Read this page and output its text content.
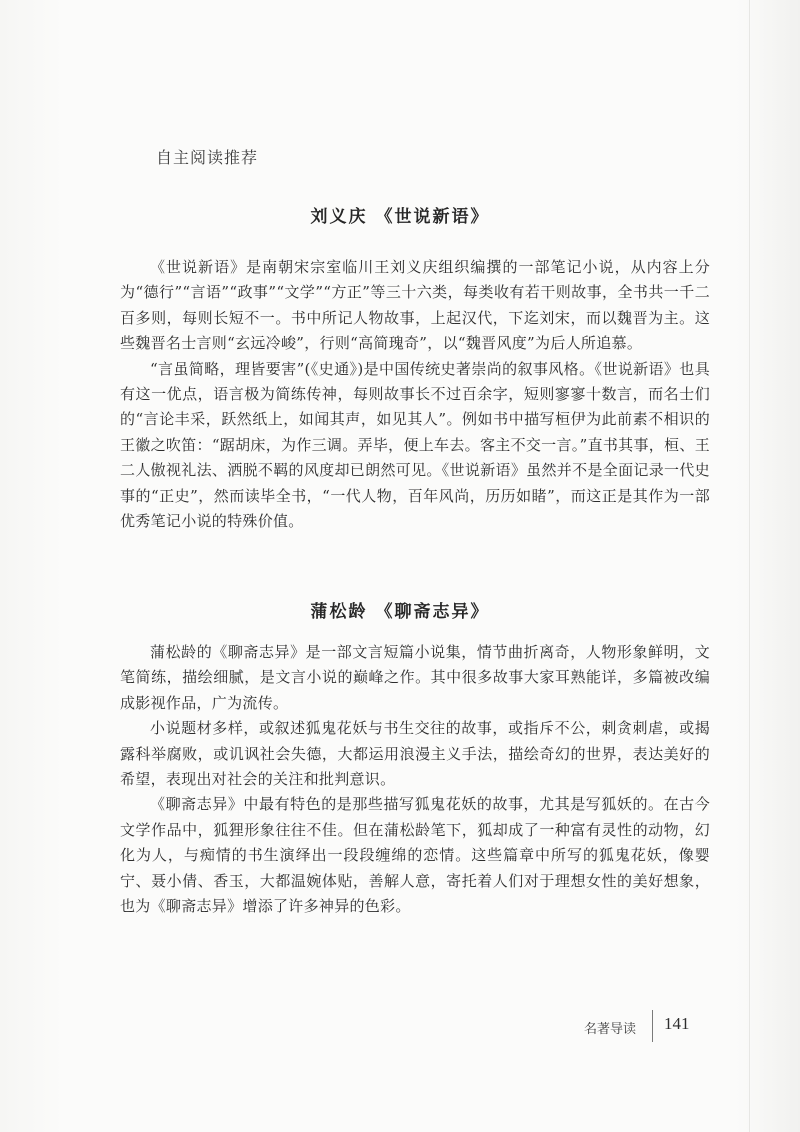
自主阅读推荐
刘义庆 《世说新语》

《世说新语》是南朝宋宗室临川王刘义庆组织编撰的一部笔记小说，从内容上分为“德行”“言语”“政事”“文学”“方正”等三十六类，每类收有若干则故事，全书共一千二百多则，每则长短不一。书中所记人物故事，上起汉代，下迄刘宋，而以魏晋为主。这些魏晋名士言则“玄远冷峻”，行则“高简瑰奇”，以“魏晋风度”为后人所追慕。

“言虽简略，理皆要害”(《史通》)是中国传统史著崇尚的叙事风格。《世说新语》也具有这一优点，语言极为简练传神，每则故事长不过百余字，短则寥寥十数言，而名士们的“言论丰采，跃然纸上，如闻其声，如见其人”。例如书中描写桓伊为此前素不相识的王徽之吹笛：“踞胡床，为作三调。弄毕，便上车去。客主不交一言。”直书其事，桓、王二人傲视礼法、洒脱不羁的风度却已朗然可见。《世说新语》虽然并不是全面记录一代史事的“正史”，然而读毕全书，“一代人物，百年风尚，历历如睹”，而这正是其作为一部优秀笔记小说的特殊价值。

蒲松龄 《聊斋志异》

蒲松龄的《聊斋志异》是一部文言短篇小说集，情节曲折离奇，人物形象鲜明，文笔简练，描绘细腻，是文言小说的巅峰之作。其中很多故事大家耳熟能详，多篇被改编成影视作品，广为流传。

小说题材多样，或叙述狐鬼花妖与书生交往的故事，或指斥不公，刺贪刺虐，或揭露科举腐败，或讥讽社会失德，大都运用浪漫主义手法，描绘奇幻的世界，表达美好的希望，表现出对社会的关注和批判意识。

《聊斋志异》中最有特色的是那些描写狐鬼花妖的故事，尤其是写狐妖的。在古今文学作品中，狐狸形象往往不佳。但在蒲松龄笔下，狐却成了一种富有灵性的动物，幻化为人，与痴情的书生演绎出一段段缠绵的恋情。这些篇章中所写的狐鬼花妖，像婴宁、聂小倩、香玉，大都温婉体贴，善解人意，寄托着人们对于理想女性的美好想象，也为《聊斋志异》增添了许多神异的色彩。

名著导读 141
